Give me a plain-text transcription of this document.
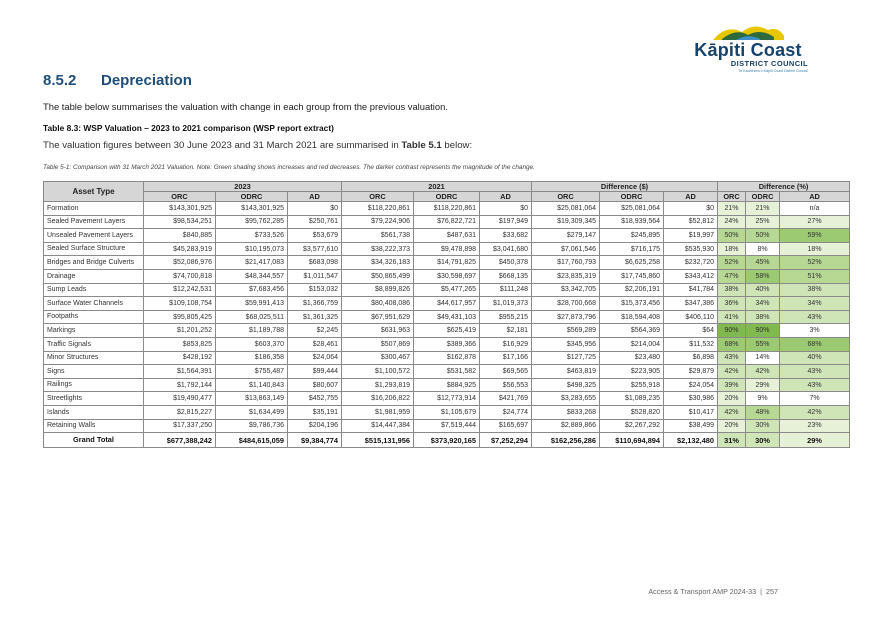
Kāpiti Coast
DISTRICT COUNCIL
Te Kaunihera o Kāpiti Coast District Council
8.5.2 Depreciation
The table below summarises the valuation with change in each group from the previous valuation.
Table 8.3: WSP Valuation – 2023 to 2021 comparison (WSP report extract)
The valuation figures between 30 June 2023 and 31 March 2021 are summarised in Table 5.1 below:
Table 5-1: Comparison with 31 March 2021 Valuation. Note: Green shading shows increases and red decreases. The darker contrast represents the magnitude of the change.
Asset Type	2023			2021			Difference ($)			Difference (%)		
	ORC	ODRC	AD	ORC	ODRC	AD	ORC	ODRC	AD	ORC	ODRC	AD
Formation	$143,301,925	$143,301,925	$0	$118,220,861	$118,220,861	$0	$25,081,064	$25,081,064	$0	21%	21%	n/a
Sealed Pavement Layers	$98,534,251	$95,762,285	$250,761	$79,224,906	$76,822,721	$197,949	$19,309,345	$18,939,564	$52,812	24%	25%	27%
Unsealed Pavement Layers	$840,885	$733,526	$53,679	$561,738	$487,631	$33,682	$279,147	$245,895	$19,997	50%	50%	59%
Sealed Surface Structure	$45,283,919	$10,195,073	$3,577,610	$38,222,373	$9,478,898	$3,041,680	$7,061,546	$716,175	$535,930	18%	8%	18%
Bridges and Bridge Culverts	$52,086,976	$21,417,083	$683,098	$34,326,183	$14,791,825	$450,378	$17,760,793	$6,625,258	$232,720	52%	45%	52%
Drainage	$74,700,818	$48,344,557	$1,011,547	$50,865,499	$30,598,697	$668,135	$23,835,319	$17,745,860	$343,412	47%	58%	51%
Sump Leads	$12,242,531	$7,683,456	$153,032	$8,899,826	$5,477,265	$111,248	$3,342,705	$2,206,191	$41,784	38%	40%	38%
Surface Water Channels	$109,108,754	$59,991,413	$1,366,759	$80,408,086	$44,617,957	$1,019,373	$28,700,668	$15,373,456	$347,386	36%	34%	34%
Footpaths	$95,805,425	$68,025,511	$1,361,325	$67,951,629	$49,431,103	$955,215	$27,873,796	$18,594,408	$406,110	41%	38%	43%
Markings	$1,201,252	$1,189,788	$2,245	$631,963	$625,419	$2,181	$569,289	$564,369	$64	90%	90%	3%
Traffic Signals	$853,825	$603,370	$28,461	$507,869	$389,366	$16,929	$345,956	$214,004	$11,532	68%	55%	68%
Minor Structures	$428,192	$186,358	$24,064	$300,467	$162,878	$17,166	$127,725	$23,480	$6,898	43%	14%	40%
Signs	$1,564,391	$755,487	$99,444	$1,100,572	$531,582	$69,565	$463,819	$223,905	$29,879	42%	42%	43%
Railings	$1,792,144	$1,140,843	$80,607	$1,293,819	$884,925	$56,553	$498,325	$255,918	$24,054	39%	29%	43%
Streetlights	$19,490,477	$13,863,149	$452,755	$16,206,822	$12,773,914	$421,769	$3,283,655	$1,089,235	$30,986	20%	9%	7%
Islands	$2,815,227	$1,634,499	$35,191	$1,981,959	$1,105,679	$24,774	$833,268	$528,820	$10,417	42%	48%	42%
Retaining Walls	$17,337,250	$9,786,736	$204,196	$14,447,384	$7,519,444	$165,697	$2,889,866	$2,267,292	$38,499	20%	30%	23%
Grand Total	$677,388,242	$484,615,059	$9,384,774	$515,131,956	$373,920,165	$7,252,294	$162,256,286	$110,694,894	$2,132,480	31%	30%	29%
Access & Transport AMP 2024-33 | 257
